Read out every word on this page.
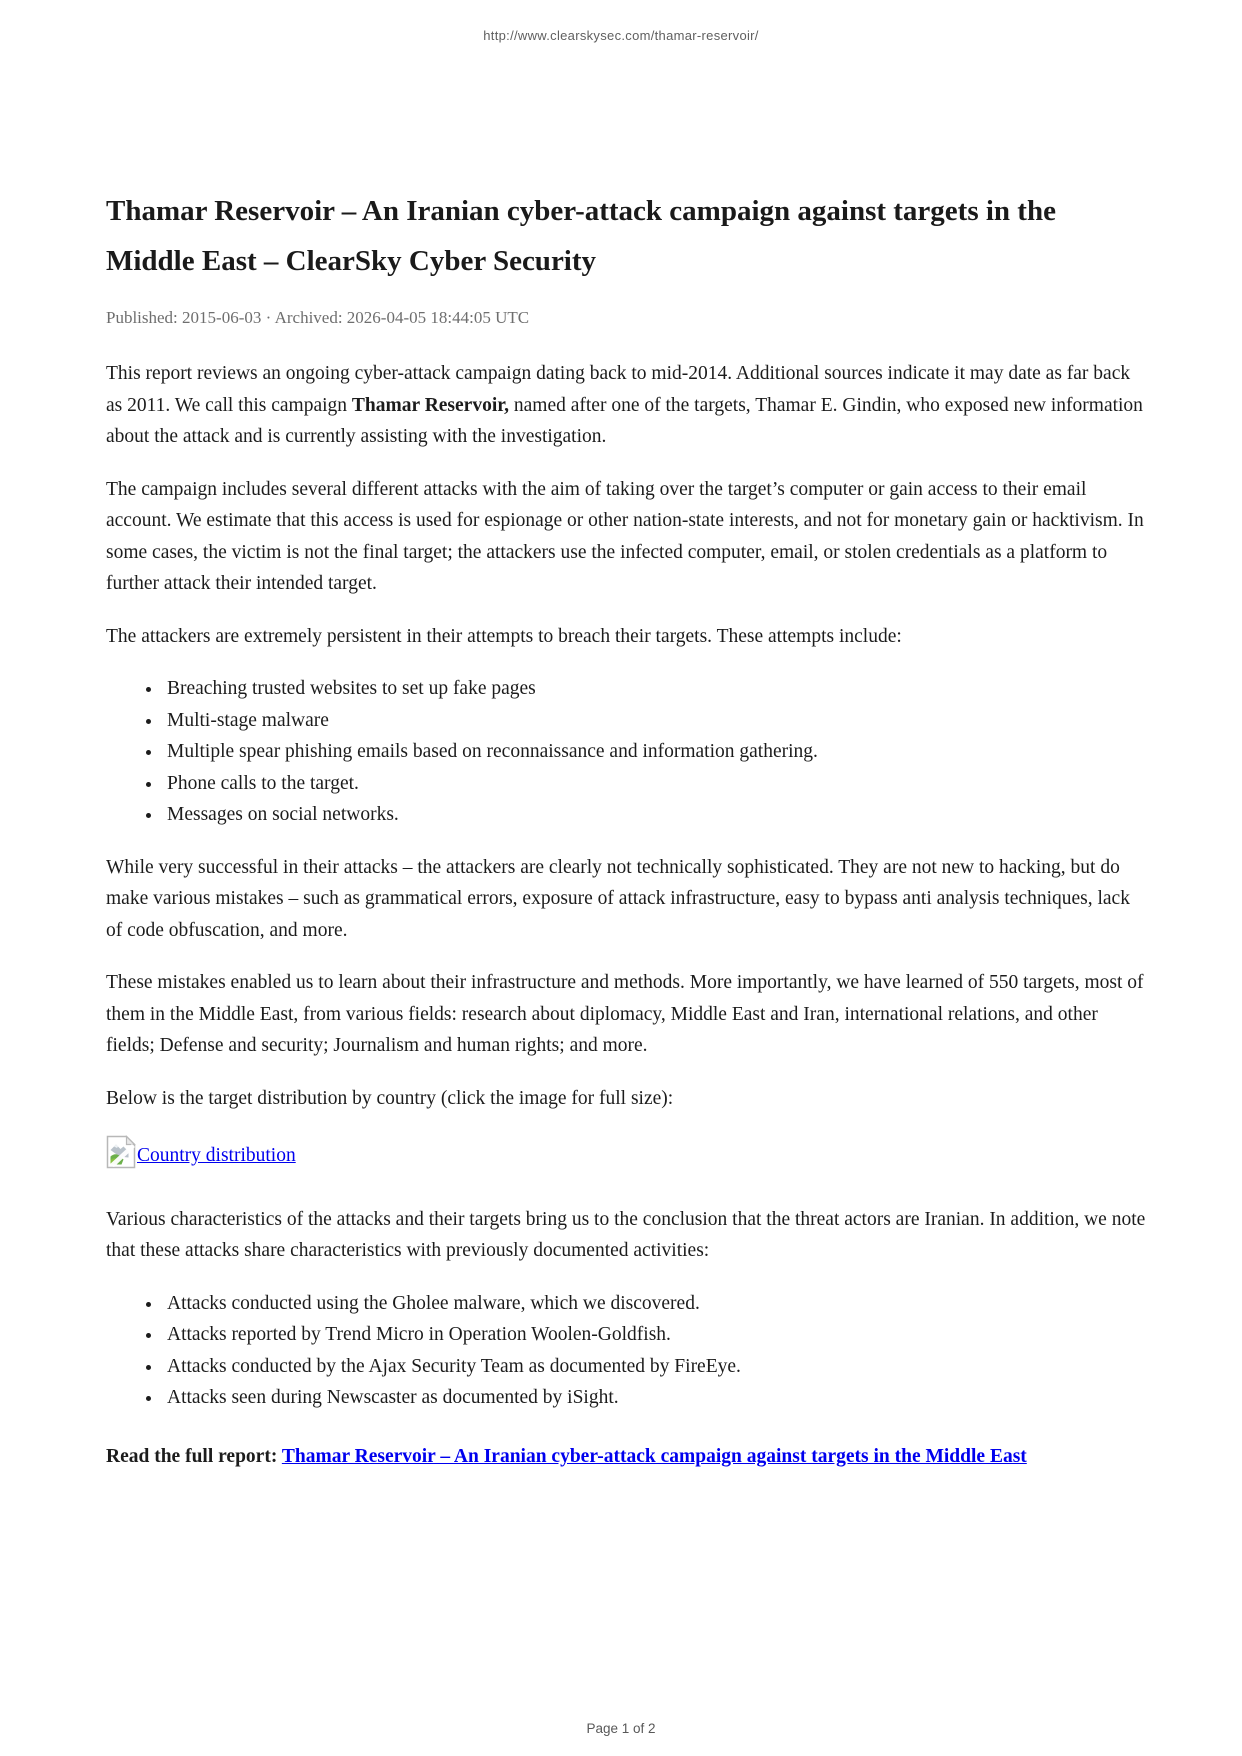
http://www.clearskysec.com/thamar-reservoir/
Thamar Reservoir – An Iranian cyber-attack campaign against targets in the Middle East – ClearSky Cyber Security

Published: 2015-06-03 · Archived: 2026-04-05 18:44:05 UTC

This report reviews an ongoing cyber-attack campaign dating back to mid-2014. Additional sources indicate it may date as far back as 2011. We call this campaign Thamar Reservoir, named after one of the targets, Thamar E. Gindin, who exposed new information about the attack and is currently assisting with the investigation.

The campaign includes several different attacks with the aim of taking over the target’s computer or gain access to their email account. We estimate that this access is used for espionage or other nation-state interests, and not for monetary gain or hacktivism. In some cases, the victim is not the final target; the attackers use the infected computer, email, or stolen credentials as a platform to further attack their intended target.

The attackers are extremely persistent in their attempts to breach their targets. These attempts include:

• Breaching trusted websites to set up fake pages
• Multi-stage malware
• Multiple spear phishing emails based on reconnaissance and information gathering.
• Phone calls to the target.
• Messages on social networks.

While very successful in their attacks – the attackers are clearly not technically sophisticated. They are not new to hacking, but do make various mistakes – such as grammatical errors, exposure of attack infrastructure, easy to bypass anti analysis techniques, lack of code obfuscation, and more.

These mistakes enabled us to learn about their infrastructure and methods. More importantly, we have learned of 550 targets, most of them in the Middle East, from various fields: research about diplomacy, Middle East and Iran, international relations, and other fields; Defense and security; Journalism and human rights; and more.

Below is the target distribution by country (click the image for full size):

Country distribution

Various characteristics of the attacks and their targets bring us to the conclusion that the threat actors are Iranian. In addition, we note that these attacks share characteristics with previously documented activities:

• Attacks conducted using the Gholee malware, which we discovered.
• Attacks reported by Trend Micro in Operation Woolen-Goldfish.
• Attacks conducted by the Ajax Security Team as documented by FireEye.
• Attacks seen during Newscaster as documented by iSight.

Read the full report: Thamar Reservoir – An Iranian cyber-attack campaign against targets in the Middle East

Page 1 of 2
